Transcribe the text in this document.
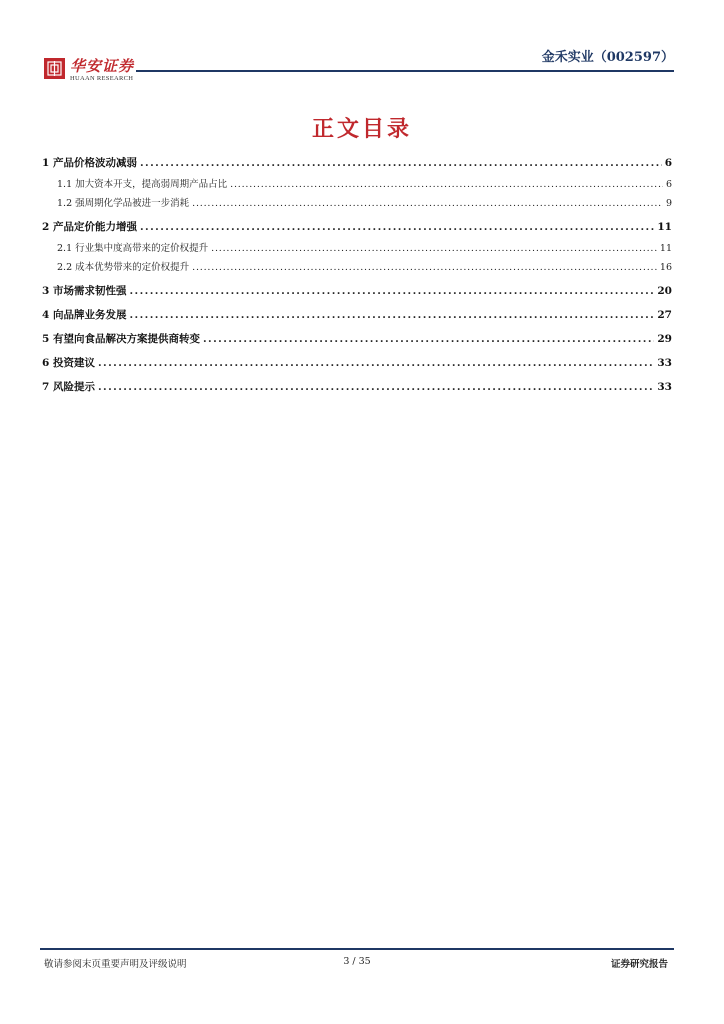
华安证券
HUAAN RESEARCH
金禾实业（002597）
正文目录
1 产品价格波动减弱 .....	6
1.1 加大资本开支，提高弱周期产品占比 .....	6
1.2 强周期化学品被进一步消耗 .....	9
2 产品定价能力增强 .....	11
2.1 行业集中度高带来的定价权提升 .....	11
2.2 成本优势带来的定价权提升 .....	16
3 市场需求韧性强 .....	20
4 向品牌业务发展 .....	27
5 有望向食品解决方案提供商转变 .....	29
6 投资建议 .....	33
7 风险提示 .....	33
敬请参阅末页重要声明及评级说明	3 / 35	证券研究报告
